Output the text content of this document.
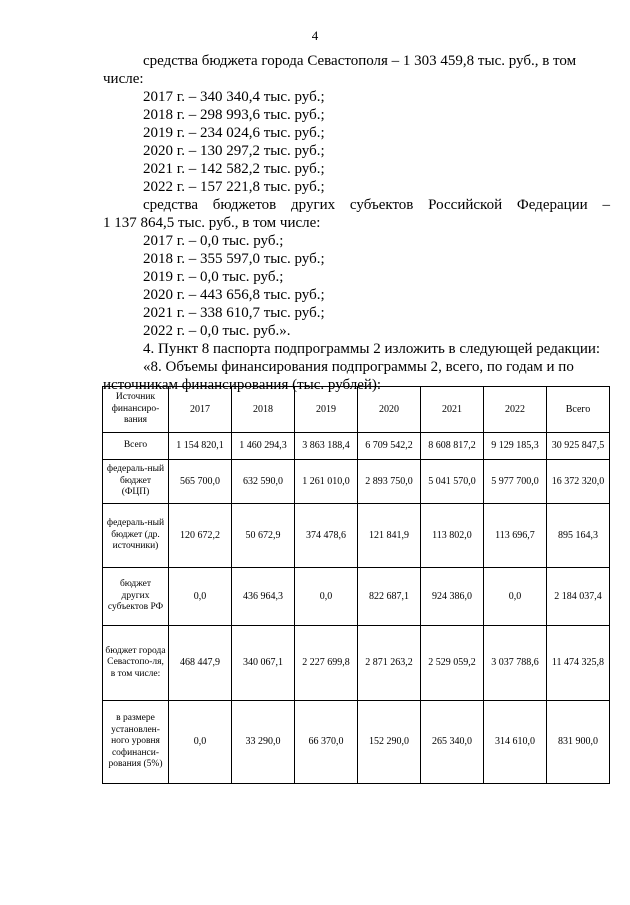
4
средства бюджета города Севастополя – 1 303 459,8 тыс. руб., в том
числе:
2017 г. – 340 340,4 тыс. руб.;
2018 г. – 298 993,6 тыс. руб.;
2019 г. – 234 024,6 тыс. руб.;
2020 г. – 130 297,2 тыс. руб.;
2021 г. – 142 582,2 тыс. руб.;
2022 г. – 157 221,8 тыс. руб.;
средства бюджетов других субъектов Российской Федерации –
1 137 864,5 тыс. руб., в том числе:
2017 г. – 0,0 тыс. руб.;
2018 г. – 355 597,0 тыс. руб.;
2019 г. – 0,0 тыс. руб.;
2020 г. – 443 656,8 тыс. руб.;
2021 г. – 338 610,7 тыс. руб.;
2022 г. – 0,0 тыс. руб.».
4. Пункт 8 паспорта подпрограммы 2 изложить в следующей редакции:
«8. Объемы финансирования подпрограммы 2, всего, по годам и по
источникам финансирования (тыс. рублей):
Источник финансиро-вания	2017	2018	2019	2020	2021	2022	Всего
Всего	1 154 820,1	1 460 294,3	3 863 188,4	6 709 542,2	8 608 817,2	9 129 185,3	30 925 847,5
федераль-ный бюджет (ФЦП)	565 700,0	632 590,0	1 261 010,0	2 893 750,0	5 041 570,0	5 977 700,0	16 372 320,0
федераль-ный бюджет (др. источники)	120 672,2	50 672,9	374 478,6	121 841,9	113 802,0	113 696,7	895 164,3
бюджет других субъектов РФ	0,0	436 964,3	0,0	822 687,1	924 386,0	0,0	2 184 037,4
бюджет города Севастопо-ля, в том числе:	468 447,9	340 067,1	2 227 699,8	2 871 263,2	2 529 059,2	3 037 788,6	11 474 325,8
в размере установлен-ного уровня софинанси-рования (5%)	0,0	33 290,0	66 370,0	152 290,0	265 340,0	314 610,0	831 900,0
